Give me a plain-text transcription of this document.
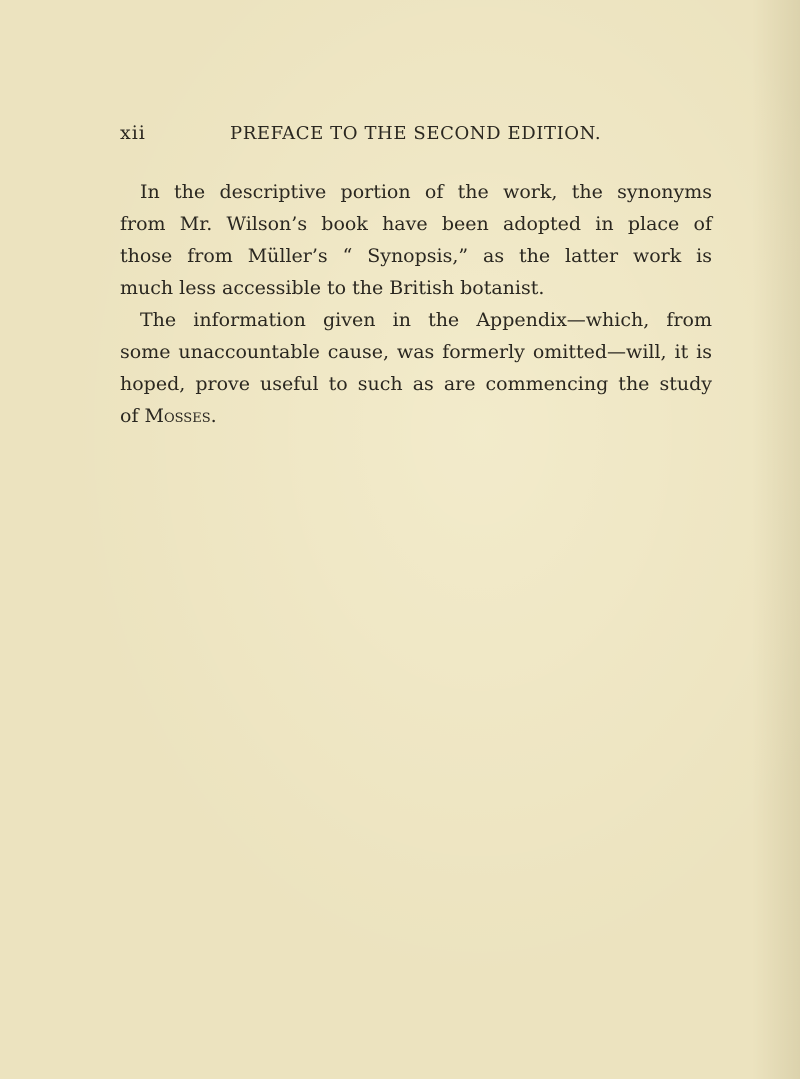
xii	PREFACE TO THE SECOND EDITION.

In the descriptive portion of the work, the synonyms
from Mr. Wilson’s book have been adopted in place of
those from Müller’s “ Synopsis,” as the latter work is
much less accessible to the British botanist.

The information given in the Appendix—which, from
some unaccountable cause, was formerly omitted—will, it is
hoped, prove useful to such as are commencing the study
of Mosses.
